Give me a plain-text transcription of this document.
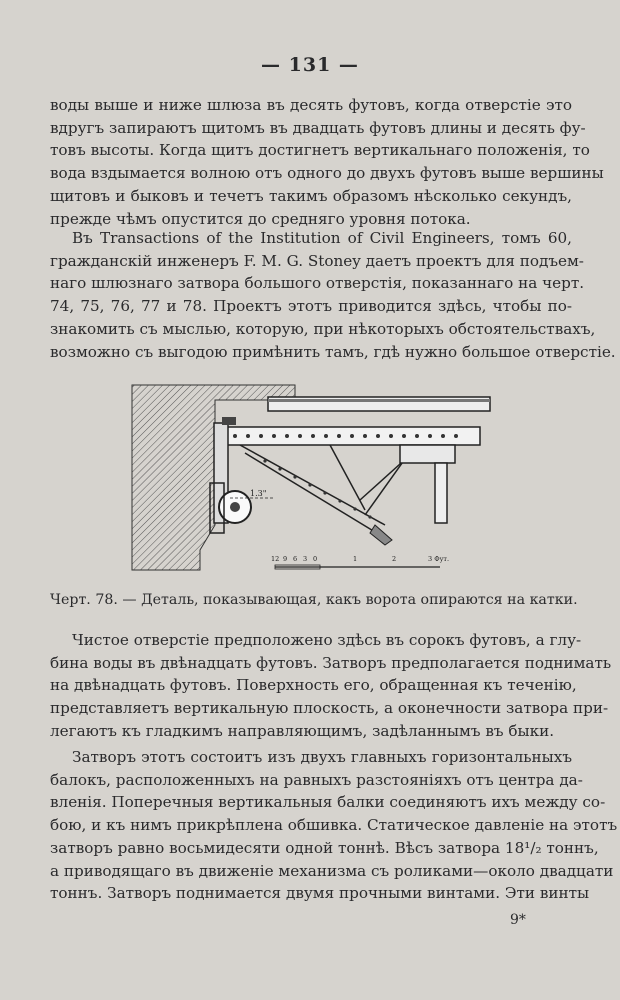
— 131 —
воды выше и ниже шлюза въ десять футовъ, когда отверстіе это
вдругъ запираютъ щитомъ въ двадцать футовъ длины и десять фу-
товъ высоты. Когда щитъ достигнетъ вертикальнаго положенія, то
вода вздымается волною отъ одного до двухъ футовъ выше вершины
щитовъ и быковъ и течетъ такимъ образомъ нѣсколько секундъ,
прежде чѣмъ опустится до средняго уровня потока.
Въ Transactions of the Institution of Civil Engineers, томъ 60,
гражданскій инженеръ F. M. G. Stoney даетъ проектъ для подъем-
наго шлюзнаго затвора большого отверстія, показаннаго на черт.
74, 75, 76, 77 и 78. Проектъ этотъ приводится здѣсь, чтобы по-
знакомить съ мыслью, которую, при нѣкоторыхъ обстоятельствахъ,
возможно съ выгодою примѣнить тамъ, гдѣ нужно большое отверстіе.
1.3"
12 9 6 3 0	1	2	3 Фут.
Черт. 78. — Деталь, показывающая, какъ ворота опираются на катки.
Чистое отверстіе предположено здѣсь въ сорокъ футовъ, а глу-
бина воды въ двѣнадцать футовъ. Затворъ предполагается поднимать
на двѣнадцать футовъ. Поверхность его, обращенная къ теченію,
представляетъ вертикальную плоскость, а оконечности затвора при-
легаютъ къ гладкимъ направляющимъ, задѣланнымъ въ быки.
Затворъ этотъ состоитъ изъ двухъ главныхъ горизонтальныхъ
балокъ, расположенныхъ на равныхъ разстояніяхъ отъ центра да-
вленія. Поперечныя вертикальныя балки соединяютъ ихъ между со-
бою, и къ нимъ прикрѣплена обшивка. Статическое давленіе на этотъ
затворъ равно восьмидесяти одной тоннѣ. Вѣсъ затвора 18¹/₂ тоннъ,
а приводящаго въ движеніе механизма съ роликами—около двадцати
тоннъ. Затворъ поднимается двумя прочными винтами. Эти винты
9*
